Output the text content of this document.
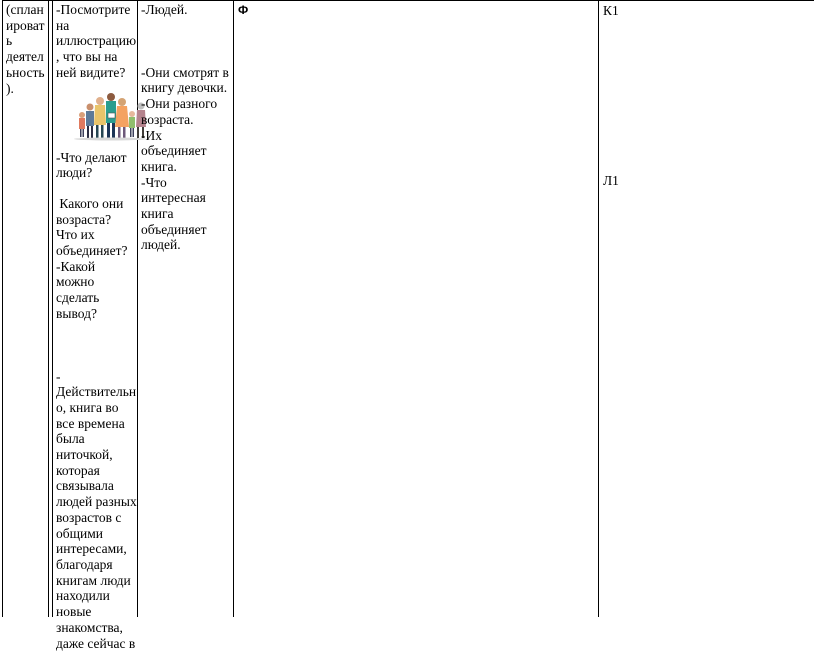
(сплан

ироват

ь

деятел

ьность

).

-Посмотрите

на

иллюстрацию

, что вы на

ней видите?

-Что делают

люди?

Какого они

возраста?

Что их

объединяет?

-Какой

можно

сделать

вывод?

-

Действительн

о, книга во

все времена

была

ниточкой,

которая

связывала

людей разных

возрастов с

общими

интересами,

благодаря

книгам люди

находили

новые

знакомства,

даже сейчас в

-Людей.

-Они смотрят в

книгу девочки.

-Они разного

возраста.

-Их

объединяет

книга.

-Что

интересная

книга

объединяет

людей.

Ф	К1

Л1
